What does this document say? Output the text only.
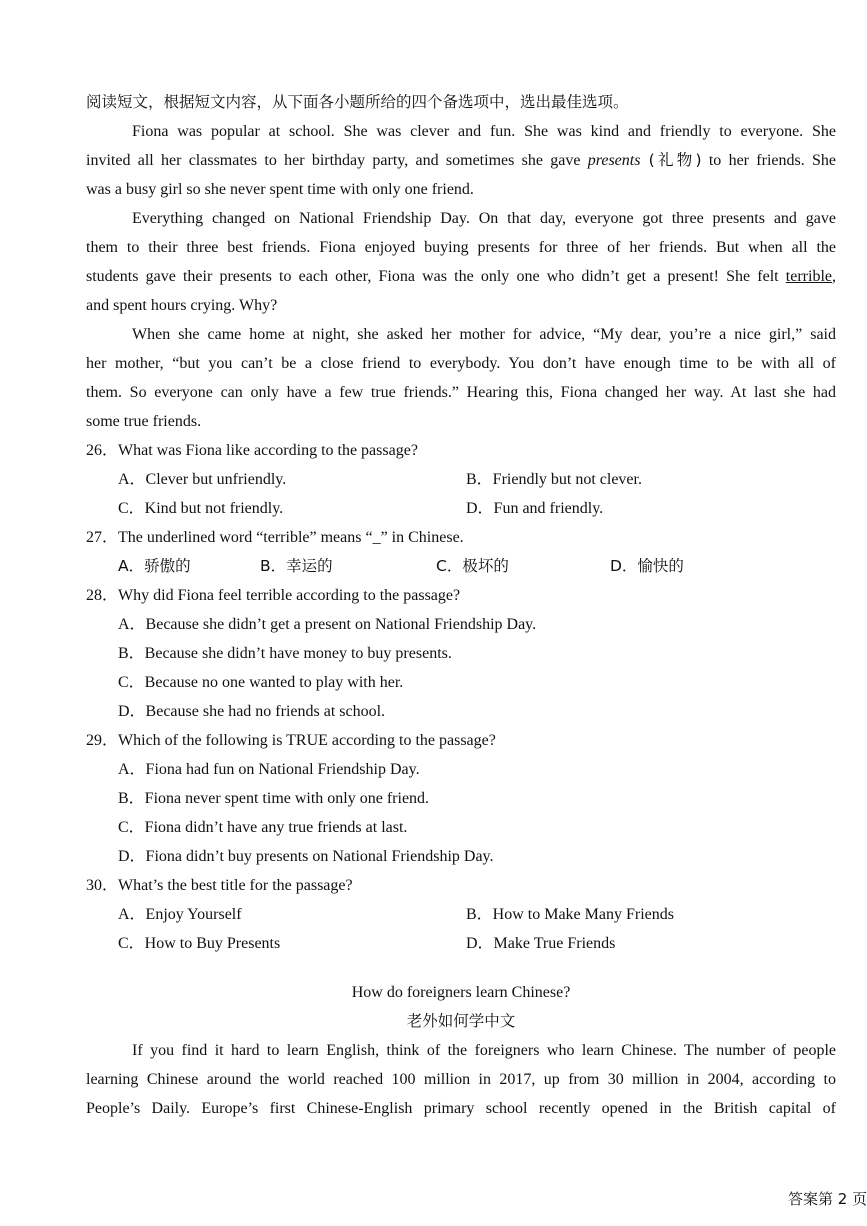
阅读短文，根据短文内容，从下面各小题所给的四个备选项中，选出最佳选项。
Fiona was popular at school. She was clever and fun. She was kind and friendly to everyone. She
invited all her classmates to her birthday party, and sometimes she gave presents (礼物) to her friends. She
was a busy girl so she never spent time with only one friend.
Everything changed on National Friendship Day. On that day, everyone got three presents and gave
them to their three best friends. Fiona enjoyed buying presents for three of her friends. But when all the
students gave their presents to each other, Fiona was the only one who didn’t get a present! She felt terrible,
and spent hours crying. Why?
When she came home at night, she asked her mother for advice, “My dear, you’re a nice girl,” said
her mother, “but you can’t be a close friend to everybody. You don’t have enough time to be with all of
them. So everyone can only have a few true friends.” Hearing this, Fiona changed her way. At last she had
some true friends.
26．What was Fiona like according to the passage?
A．Clever but unfriendly.	B．Friendly but not clever.
C．Kind but not friendly.	D．Fun and friendly.
27．The underlined word “terrible” means “_” in Chinese.
A．骄傲的	B．幸运的	C．极坏的	D．愉快的
28．Why did Fiona feel terrible according to the passage?
A．Because she didn’t get a present on National Friendship Day.
B．Because she didn’t have money to buy presents.
C．Because no one wanted to play with her.
D．Because she had no friends at school.
29．Which of the following is TRUE according to the passage?
A．Fiona had fun on National Friendship Day.
B．Fiona never spent time with only one friend.
C．Fiona didn’t have any true friends at last.
D．Fiona didn’t buy presents on National Friendship Day.
30．What’s the best title for the passage?
A．Enjoy Yourself	B．How to Make Many Friends
C．How to Buy Presents	D．Make True Friends
How do foreigners learn Chinese?
老外如何学中文
If you find it hard to learn English, think of the foreigners who learn Chinese. The number of people
learning Chinese around the world reached 100 million in 2017, up from 30 million in 2004, according to
People’s Daily. Europe’s first Chinese-English primary school recently opened in the British capital of
答案第 2 页
